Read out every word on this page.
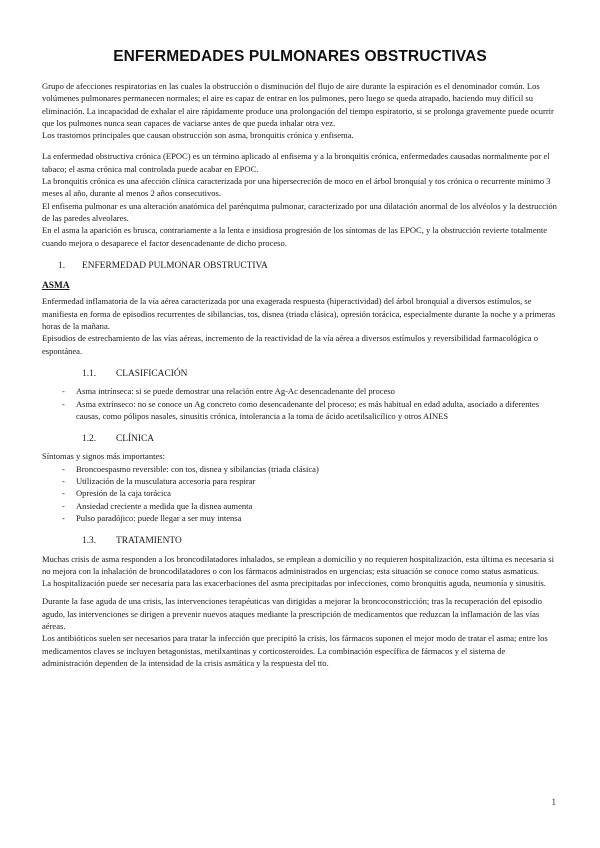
ENFERMEDADES PULMONARES OBSTRUCTIVAS

Grupo de afecciones respiratorias en las cuales la obstrucción o disminución del flujo de aire durante la espiración es el denominador común. Los volúmenes pulmonares permanecen normales; el aire es capaz de entrar en los pulmones, pero luego se queda atrapado, haciendo muy difícil su eliminación. La incapacidad de exhalar el aire rápidamente produce una prolongación del tiempo espiratorio, si se prolonga gravemente puede ocurrir que los pulmones nunca sean capaces de vaciarse antes de que pueda inhalar otra vez.

Los trastornos principales que causan obstrucción son asma, bronquitis crónica y enfisema.

La enfermedad obstructiva crónica (EPOC) es un término aplicado al enfisema y a la bronquitis crónica, enfermedades causadas normalmente por el tabaco; el asma crónica mal controlada puede acabar en EPOC.

La bronquitis crónica es una afección clínica caracterizada por una hipersecreción de moco en el árbol bronquial y tos crónica o recurrente mínimo 3 meses al año, durante al menos 2 años consecutivos.

El enfisema pulmonar es una alteración anatómica del parénquima pulmonar, caracterizado por una dilatación anormal de los alvéolos y la destrucción de las paredes alveolares.

En el asma la aparición es brusca, contrariamente a la lenta e insidiosa progresión de los síntomas de las EPOC, y la obstrucción revierte totalmente cuando mejora o desaparece el factor desencadenante de dicho proceso.

1.	ENFERMEDAD PULMONAR OBSTRUCTIVA
ASMA

Enfermedad inflamatoria de la vía aérea caracterizada por una exagerada respuesta (hiperactividad) del árbol bronquial a diversos estímulos, se manifiesta en forma de episodios recurrentes de sibilancias, tos, disnea (triada clásica), opresión torácica, especialmente durante la noche y a primeras horas de la mañana.

Episodios de estrechamiento de las vías aéreas, incremento de la reactividad de la vía aérea a diversos estímulos y reversibilidad farmacológica o espontánea.

1.1.	CLASIFICACIÓN
- Asma intrínseca: si se puede demostrar una relación entre Ag-Ac desencadenante del proceso
- Asma extrínseco: no se conoce un Ag concreto como desencadenante del proceso; es más habitual en edad adulta, asociado a diferentes causas, como pólipos nasales, sinusitis crónica, intolerancia a la toma de ácido acetilsalicílico y otros AINES
1.2.	CLÍNICA

Síntomas y signos más importantes:

- Broncoespasmo reversible: con tos, disnea y sibilancias (triada clásica)
- Utilización de la musculatura accesoria para respirar
- Opresión de la caja torácica
- Ansiedad creciente a medida que la disnea aumenta
- Pulso paradójico: puede llegar a ser muy intensa
1.3.	TRATAMIENTO

Muchas crisis de asma responden a los broncodilatadores inhalados, se emplean a domicilio y no requieren hospitalización, esta última es necesaria si no mejora con la inhalación de broncodilatadores o con los fármacos administrados en urgencias; esta situación se conoce como status asmaticus.

La hospitalización puede ser necesaria para las exacerbaciones del asma precipitadas por infecciones, como bronquitis aguda, neumonía y sinusitis.

Durante la fase aguda de una crisis, las intervenciones terapéuticas van dirigidas a mejorar la broncoconstricción; tras la recuperación del episodio agudo, las intervenciones se dirigen a prevenir nuevos ataques mediante la prescripción de medicamentos que reduzcan la inflamación de las vías aéreas.

Los antibióticos suelen ser necesarios para tratar la infección que precipitó la crisis, los fármacos suponen el mejor modo de tratar el asma; entre los medicamentos claves se incluyen betagonistas, metilxantinas y corticosteroides. La combinación específica de fármacos y el sistema de administración dependen de la intensidad de la crisis asmática y la respuesta del tto.

1
